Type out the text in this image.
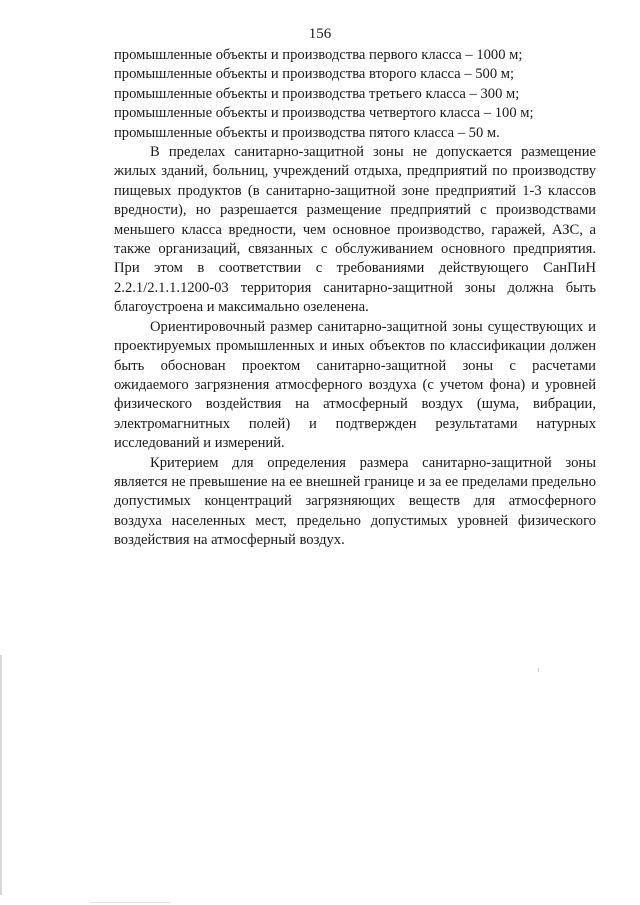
156

промышленные объекты и производства первого класса – 1000 м;

промышленные объекты и производства второго класса – 500 м;

промышленные объекты и производства третьего класса – 300 м;

промышленные объекты и производства четвертого класса – 100 м;

промышленные объекты и производства пятого класса – 50 м.

В пределах санитарно-защитной зоны не допускается размещение жилых зданий, больниц, учреждений отдыха, предприятий по производству пищевых продуктов (в санитарно-защитной зоне предприятий 1-3 классов вредности), но разрешается размещение предприятий с производствами меньшего класса вредности, чем основное производство, гаражей, АЗС, а также организаций, связанных с обслуживанием основного предприятия. При этом в соответствии с требованиями действующего СанПиН 2.2.1/2.1.1.1200-03 территория санитарно-защитной зоны должна быть благоустроена и максимально озеленена.

Ориентировочный размер санитарно-защитной зоны существующих и проектируемых промышленных и иных объектов по классификации должен быть обоснован проектом санитарно-защитной зоны с расчетами ожидаемого загрязнения атмосферного воздуха (с учетом фона) и уровней физического воздействия на атмосферный воздух (шума, вибрации, электромагнитных полей) и подтвержден результатами натурных исследований и измерений.

Критерием для определения размера санитарно-защитной зоны является не превышение на ее внешней границе и за ее пределами предельно допустимых концентраций загрязняющих веществ для атмосферного воздуха населенных мест, предельно допустимых уровней физического воздействия на атмосферный воздух.
